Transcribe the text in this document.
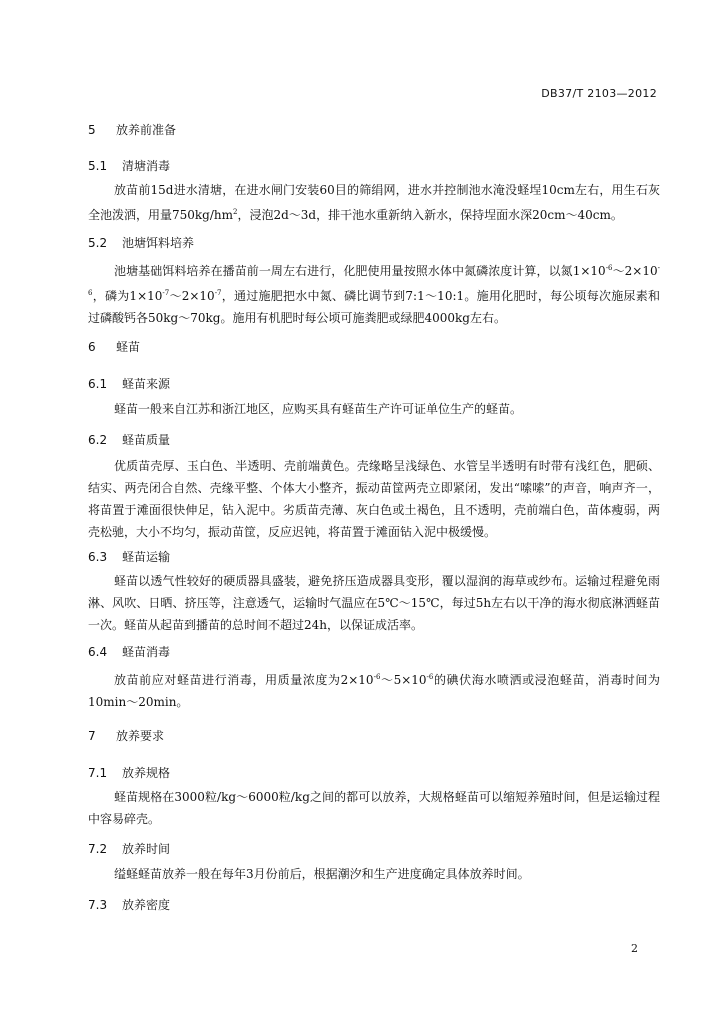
DB37/T 2103—2012
5 放养前准备
5.1 清塘消毒

放苗前15d进水清塘，在进水闸门安装60目的筛绢网，进水并控制池水淹没蛏埕10cm左右，用生石灰全池泼洒，用量$750kg/hm^2$，浸泡2d～3d，排干池水重新纳入新水，保持埕面水深20cm～40cm。

5.2 池塘饵料培养

池塘基础饵料培养在播苗前一周左右进行，化肥使用量按照水体中氮磷浓度计算，以氮$1\times 10^{-6}\sim 2\times 10^{-6}$，磷为$1\times 10^{-7}\sim 2\times 10^{-7}$，通过施肥把水中氮、磷比调节到7:1～10:1。施用化肥时，每公顷每次施尿素和过磷酸钙各50kg～70kg。施用有机肥时每公顷可施粪肥或绿肥4000kg左右。

6 蛏苗
6.1 蛏苗来源

蛏苗一般来自江苏和浙江地区，应购买具有蛏苗生产许可证单位生产的蛏苗。

6.2 蛏苗质量

优质苗壳厚、玉白色、半透明、壳前端黄色。壳缘略呈浅绿色、水管呈半透明有时带有浅红色，肥硕、结实、两壳闭合自然、壳缘平整、个体大小整齐，振动苗筐两壳立即紧闭，发出“嗦嗦”的声音，响声齐一，将苗置于滩面很快伸足，钻入泥中。劣质苗壳薄、灰白色或土褐色，且不透明，壳前端白色，苗体瘦弱，两壳松驰，大小不均匀，振动苗筐，反应迟钝，将苗置于滩面钻入泥中极缓慢。

6.3 蛏苗运输

蛏苗以透气性较好的硬质器具盛装，避免挤压造成器具变形，覆以湿润的海草或纱布。运输过程避免雨淋、风吹、日晒、挤压等，注意透气，运输时气温应在5℃～15℃，每过5h左右以干净的海水彻底淋洒蛏苗一次。蛏苗从起苗到播苗的总时间不超过24h，以保证成活率。

6.4 蛏苗消毒

放苗前应对蛏苗进行消毒，用质量浓度为$2\times 10^{-6}\sim 5\times 10^{-6}$的碘伏海水喷洒或浸泡蛏苗，消毒时间为10min～20min。

7 放养要求
7.1 放养规格

蛏苗规格在3000粒/kg～6000粒/kg之间的都可以放养，大规格蛏苗可以缩短养殖时间，但是运输过程中容易碎壳。

7.2 放养时间

缢蛏蛏苗放养一般在每年3月份前后，根据潮汐和生产进度确定具体放养时间。

7.3 放养密度
2
